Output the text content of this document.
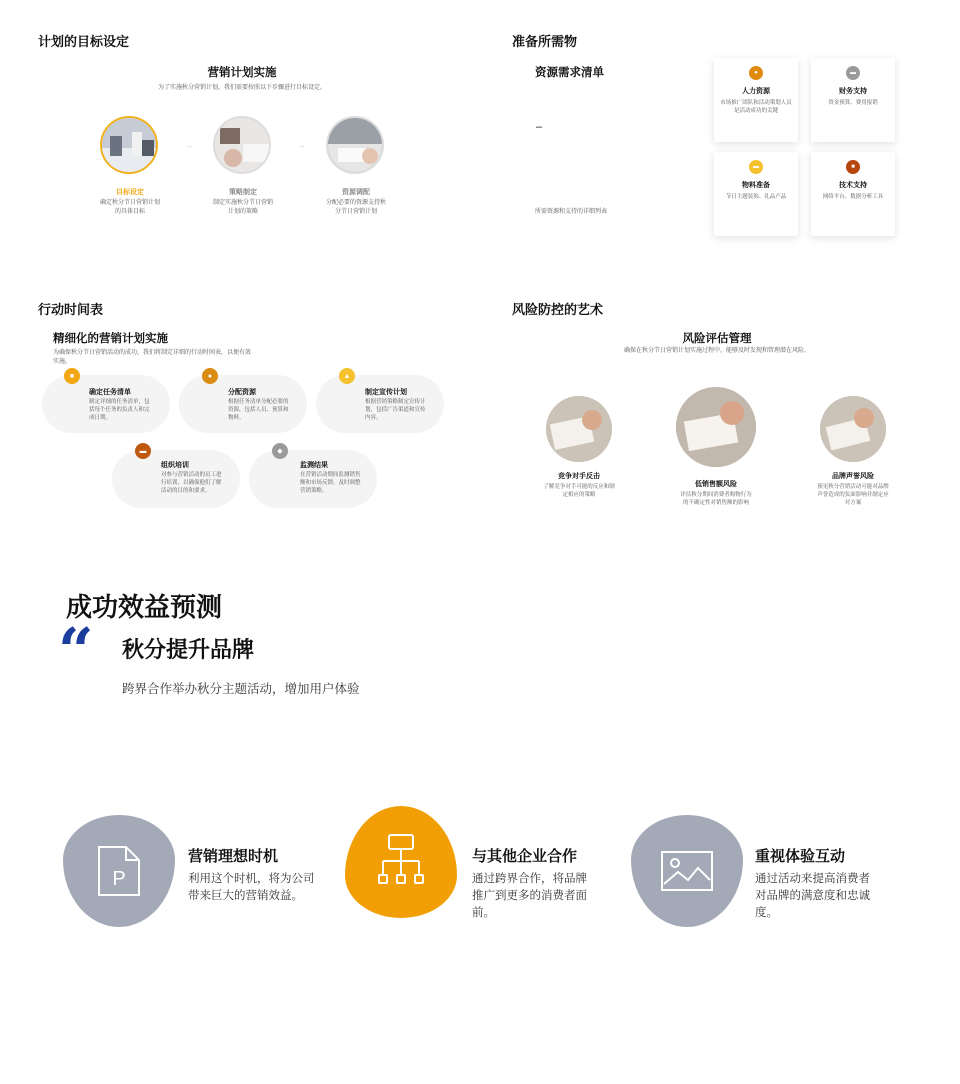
计划的目标设定
营销计划实施
为了实施秋分营销计划，我们需要按照以下步骤进行目标设定。
→	→
目标设定
确定秋分节日营销计划的具体目标
策略制定
制定实施秋分节日营销计划的策略
资源调配
分配必要的资源支持秋分节日营销计划
准备所需物
资源需求清单
–
所需资源和支持的详细列表
●
人力资源
市场推广团队和活动策划人员是活动成功的关键
▬
财务支持
资金预算、费用报销
▬
物料准备
节日主题装饰、礼品产品
■
技术支持
网络平台、数据分析工具
行动时间表
精细化的营销计划实施
为确保秋分节日营销活动的成功，我们将制定详细的行动时间表，以便有效实施。
■
确定任务清单
制定详细的任务清单，包括每个任务的负责人和完成日期。
●
分配资源
根据任务清单分配必要的资源，包括人员、预算和物料。
▲
制定宣传计划
根据营销策略制定宣传计划，包括广告渠道和宣传内容。
▬
组织培训
对参与营销活动的员工进行培训，以确保他们了解活动的目的和要求。
◆
监测结果
在营销活动期间监测销售额和市场反馈，及时调整营销策略。
风险防控的艺术
风险评估管理
确保在秋分节日营销计划实施过程中，能够及时发现和管理潜在风险。
竞争对手反击
了解竞争对手可能的反应和制定相应的策略
低销售额风险
评估秋分期间消费者购物行为的不确定性对销售额的影响
品牌声誉风险
预见秋分营销活动可能对品牌声誉造成的负面影响并制定应对方案
成功效益预测
“ 秋分提升品牌
跨界合作举办秋分主题活动，增加用户体验
P
营销理想时机
利用这个时机，将为公司带来巨大的营销效益。
与其他企业合作
通过跨界合作，将品牌推广到更多的消费者面前。
重视体验互动
通过活动来提高消费者对品牌的满意度和忠诚度。
